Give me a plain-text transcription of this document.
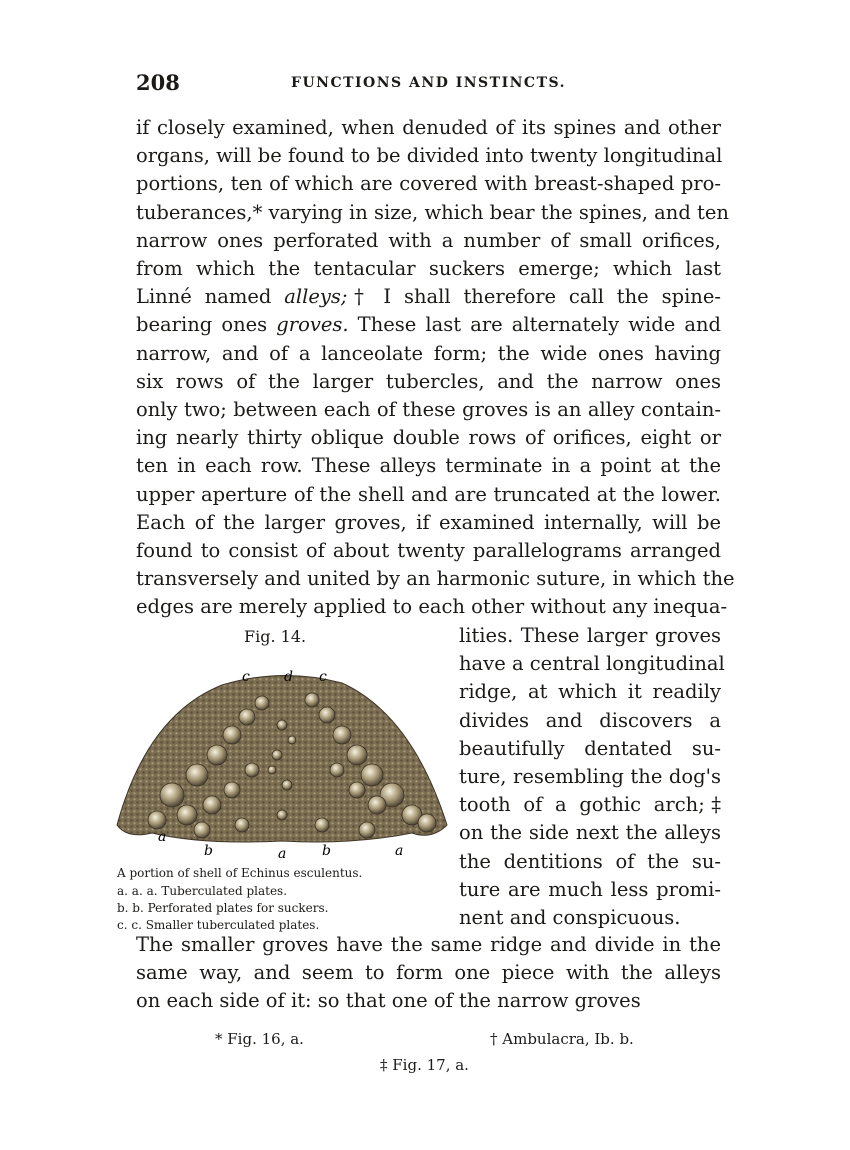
208	FUNCTIONS AND INSTINCTS.
if closely examined, when denuded of its spines and other
organs, will be found to be divided into twenty longitudinal
portions, ten of which are covered with breast-shaped pro-
tuberances,* varying in size, which bear the spines, and ten
narrow ones perforated with a number of small orifices,
from which the tentacular suckers emerge; which last
Linné named alleys;† I shall therefore call the spine-
bearing ones groves. These last are alternately wide and
narrow, and of a lanceolate form; the wide ones having
six rows of the larger tubercles, and the narrow ones
only two; between each of these groves is an alley contain-
ing nearly thirty oblique double rows of orifices, eight or
ten in each row. These alleys terminate in a point at the
upper aperture of the shell and are truncated at the lower.
Each of the larger groves, if examined internally, will be
found to consist of about twenty parallelograms arranged
transversely and united by an harmonic suture, in which the
edges are merely applied to each other without any inequa-
lities. These larger groves
have a central longitudinal
ridge, at which it readily
divides and discovers a
beautifully dentated su-
ture, resembling the dog's
tooth of a gothic arch;‡
on the side next the alleys
the dentitions of the su-
ture are much less promi-
nent and conspicuous.
The smaller groves have the same ridge and divide in the
same way, and seem to form one piece with the alleys
on each side of it: so that one of the narrow groves
Fig. 14.
c d c
a
b	a	b	a
A portion of shell of Echinus esculentus.
a. a. a. Tuberculated plates.
b. b. Perforated plates for suckers.
c. c. Smaller tuberculated plates.
* Fig. 16, a.	† Ambulacra, Ib. b.
‡ Fig. 17, a.
